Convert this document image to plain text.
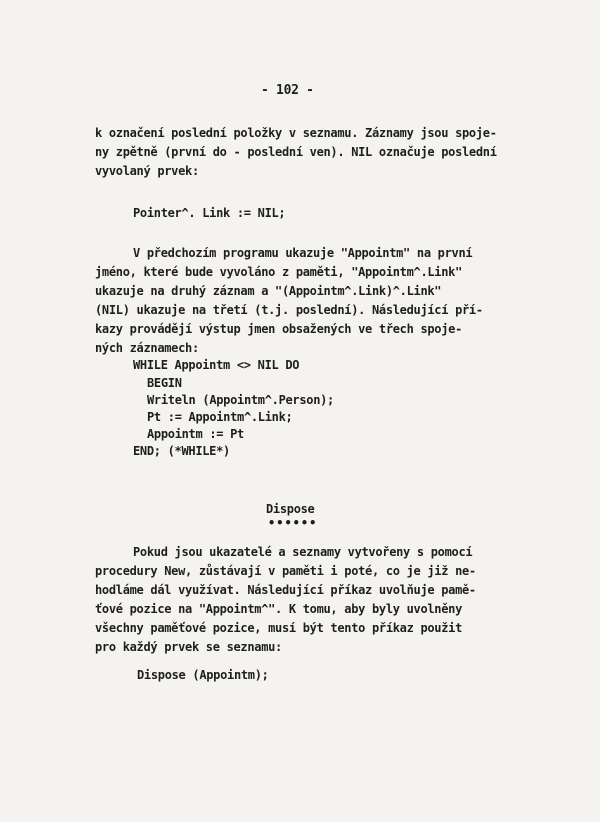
- 102 -
k označení poslední položky v seznamu. Záznamy jsou spoje-
ny zpětně (první do - poslední ven). NIL označuje poslední
vyvolaný prvek:
Pointer^. Link := NIL;
V předchozím programu ukazuje "Appointm" na první
jméno, které bude vyvoláno z paměti, "Appointm^.Link"
ukazuje na druhý záznam a "(Appointm^.Link)^.Link"
(NIL) ukazuje na třetí (t.j. poslední). Následující pří-
kazy provádějí výstup jmen obsažených ve třech spoje-
ných záznamech:
WHILE Appointm <> NIL DO
BEGIN
Writeln (Appointm^.Person);
Pt := Appointm^.Link;
Appointm := Pt
END; (*WHILE*)
Dispose
••••••
Pokud jsou ukazatelé a seznamy vytvořeny s pomocí
procedury New, zůstávají v paměti i poté, co je již ne-
hodláme dál využívat. Následující příkaz uvolňuje pamě-
ťové pozice na "Appointm^". K tomu, aby byly uvolněny
všechny paměťové pozice, musí být tento příkaz použit
pro každý prvek se seznamu:
Dispose (Appointm);
